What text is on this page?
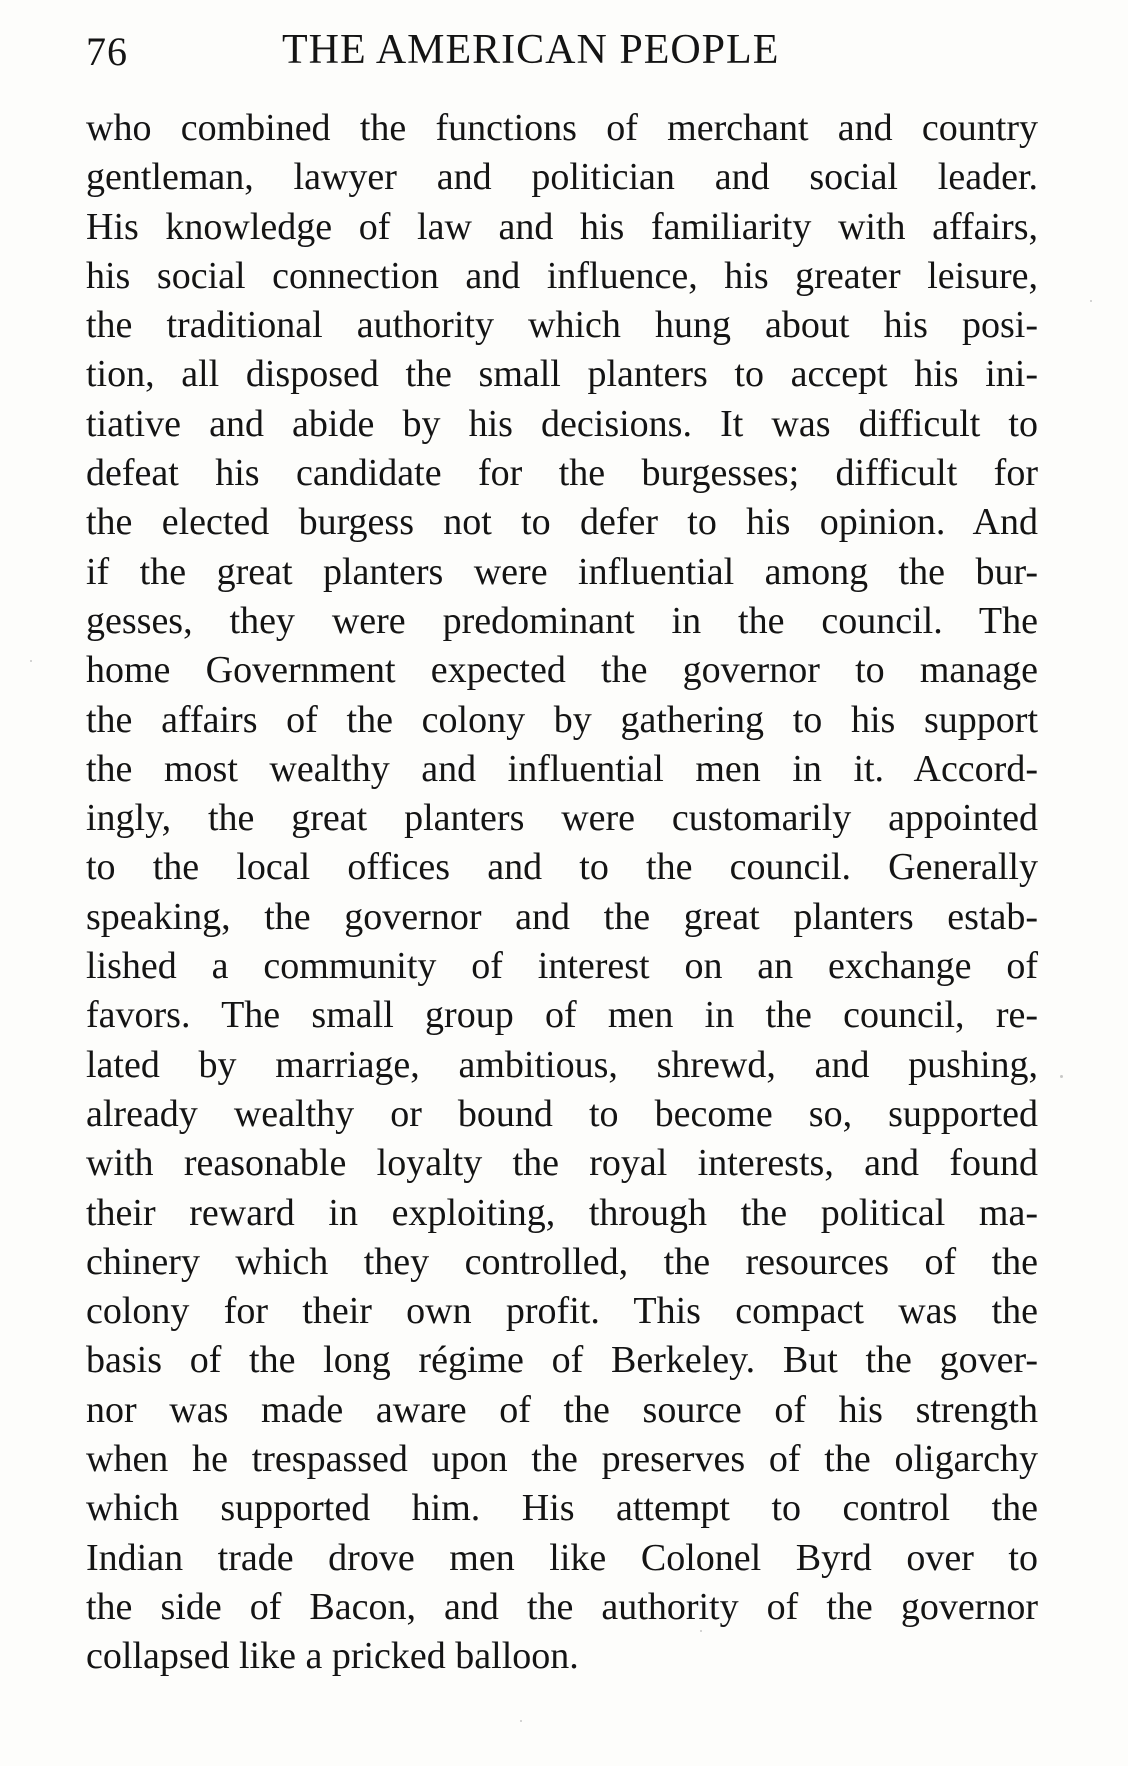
76	THE AMERICAN PEOPLE
who combined the functions of merchant and country
gentleman, lawyer and politician and social leader.
His knowledge of law and his familiarity with affairs,
his social connection and influence, his greater leisure,
the traditional authority which hung about his posi-
tion, all disposed the small planters to accept his ini-
tiative and abide by his decisions. It was difficult to
defeat his candidate for the burgesses; difficult for
the elected burgess not to defer to his opinion. And
if the great planters were influential among the bur-
gesses, they were predominant in the council. The
home Government expected the governor to manage
the affairs of the colony by gathering to his support
the most wealthy and influential men in it. Accord-
ingly, the great planters were customarily appointed
to the local offices and to the council. Generally
speaking, the governor and the great planters estab-
lished a community of interest on an exchange of
favors. The small group of men in the council, re-
lated by marriage, ambitious, shrewd, and pushing,
already wealthy or bound to become so, supported
with reasonable loyalty the royal interests, and found
their reward in exploiting, through the political ma-
chinery which they controlled, the resources of the
colony for their own profit. This compact was the
basis of the long régime of Berkeley. But the gover-
nor was made aware of the source of his strength
when he trespassed upon the preserves of the oligarchy
which supported him. His attempt to control the
Indian trade drove men like Colonel Byrd over to
the side of Bacon, and the authority of the governor
collapsed like a pricked balloon.
